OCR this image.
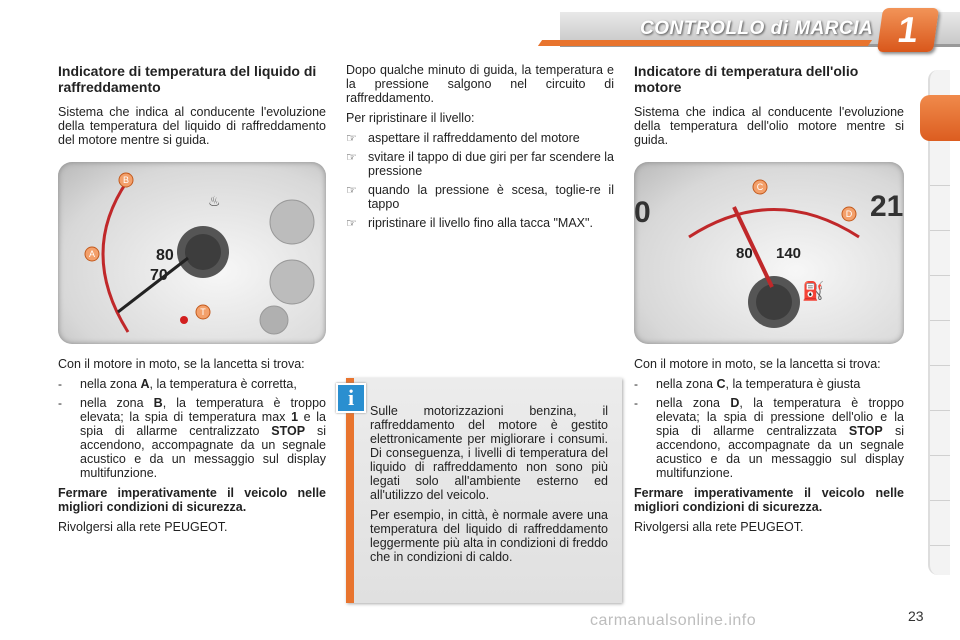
CONTROLLO di MARCIA 1
Indicatore di temperatura del liquido di raffreddamento

Sistema che indica al conducente l'evoluzione della temperatura del liquido di raffreddamento del motore mentre si guida.

B
A
T
80
70
♨

Con il motore in moto, se la lancetta si trova:

- nella zona A, la temperatura è corretta,
- nella zona B, la temperatura è troppo elevata; la spia di temperatura max 1 e la spia di allarme centralizzato STOP si accendono, accompagnate da un segnale acustico e da un messaggio sul display multifunzione.

Fermare imperativamente il veicolo nelle migliori condizioni di sicurezza.

Rivolgersi alla rete PEUGEOT.

Dopo qualche minuto di guida, la temperatura e la pressione salgono nel circuito di raffreddamento.

Per ripristinare il livello:

☞ aspettare il raffreddamento del motore
☞ svitare il tappo di due giri per far scendere la pressione
☞ quando la pressione è scesa, toglie-re il tappo
☞ ripristinare il livello fino alla tacca "MAX".

Sulle motorizzazioni benzina, il raffreddamento del motore è gestito elettronicamente per migliorare i consumi. Di conseguenza, i livelli di temperatura del liquido di raffreddamento non sono più legati solo all'ambiente esterno ed all'utilizzo del veicolo.

Per esempio, in città, è normale avere una temperatura del liquido di raffreddamento leggermente più alta in condizioni di freddo che in condizioni di caldo.

i
Indicatore di temperatura dell'olio motore

Sistema che indica al conducente l'evoluzione della temperatura dell'olio motore mentre si guida.

C
D
80 140
0	21
⛽

Con il motore in moto, se la lancetta si trova:

- nella zona C, la temperatura è giusta
- nella zona D, la temperatura è troppo elevata; la spia di pressione dell'olio e la spia di allarme centralizzata STOP si accendono, accompagnate da un segnale acustico e da un messaggio sul display multifunzione.

Fermare imperativamente il veicolo nelle migliori condizioni di sicurezza.

Rivolgersi alla rete PEUGEOT.

carmanualsonline.info	23
